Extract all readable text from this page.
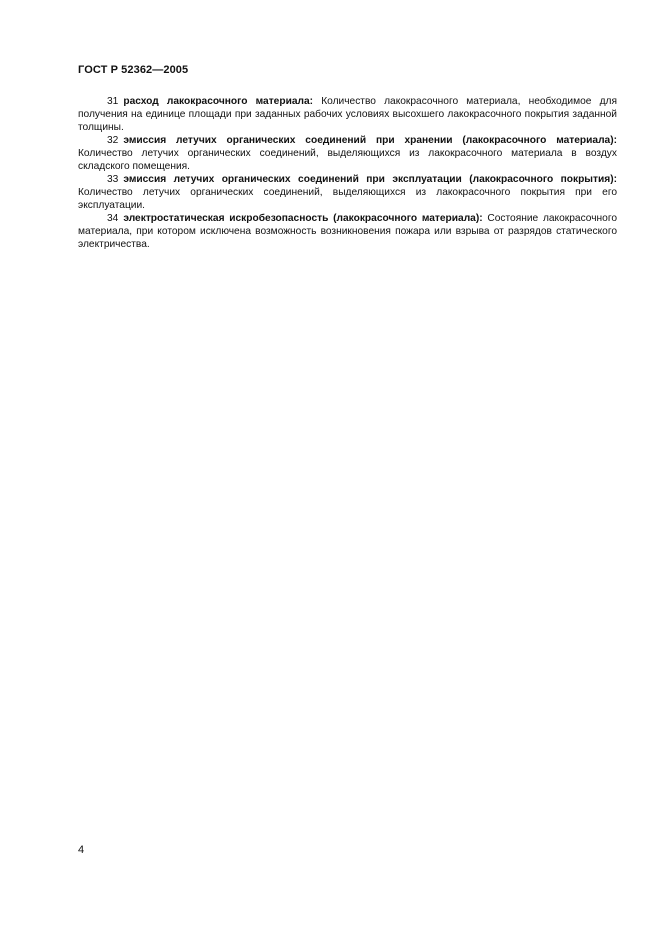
ГОСТ Р 52362—2005

31 расход лакокрасочного материала: Количество лакокрасочного материала, необходимое для получения на единице площади при заданных рабочих условиях высохшего лакокрасочного покрытия заданной толщины.

32 эмиссия летучих органических соединений при хранении (лакокрасочного материала): Количество летучих органических соединений, выделяющихся из лакокрасочного материала в воздух складского помещения.

33 эмиссия летучих органических соединений при эксплуатации (лакокрасочного покрытия): Количество летучих органических соединений, выделяющихся из лакокрасочного покрытия при его эксплуатации.

34 электростатическая искробезопасность (лакокрасочного материала): Состояние лакокрасочного материала, при котором исключена возможность возникновения пожара или взрыва от разрядов статического электричества.

4
